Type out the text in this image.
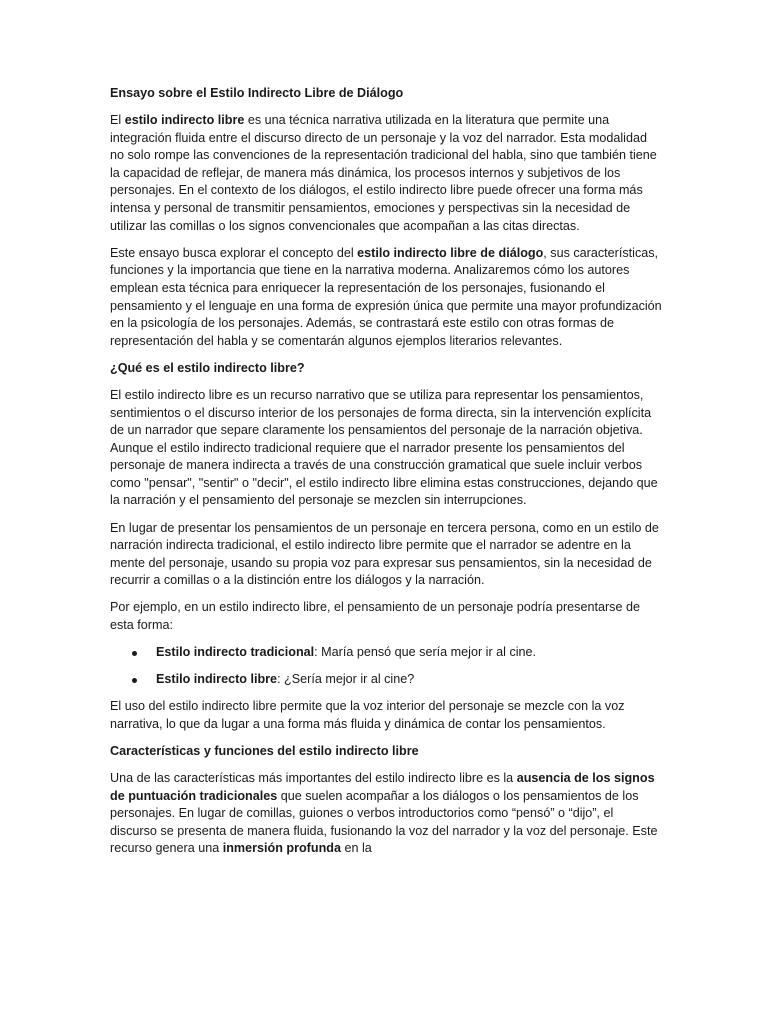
Ensayo sobre el Estilo Indirecto Libre de Diálogo

El estilo indirecto libre es una técnica narrativa utilizada en la literatura que permite una integración fluida entre el discurso directo de un personaje y la voz del narrador. Esta modalidad no solo rompe las convenciones de la representación tradicional del habla, sino que también tiene la capacidad de reflejar, de manera más dinámica, los procesos internos y subjetivos de los personajes. En el contexto de los diálogos, el estilo indirecto libre puede ofrecer una forma más intensa y personal de transmitir pensamientos, emociones y perspectivas sin la necesidad de utilizar las comillas o los signos convencionales que acompañan a las citas directas.

Este ensayo busca explorar el concepto del estilo indirecto libre de diálogo, sus características, funciones y la importancia que tiene en la narrativa moderna. Analizaremos cómo los autores emplean esta técnica para enriquecer la representación de los personajes, fusionando el pensamiento y el lenguaje en una forma de expresión única que permite una mayor profundización en la psicología de los personajes. Además, se contrastará este estilo con otras formas de representación del habla y se comentarán algunos ejemplos literarios relevantes.

¿Qué es el estilo indirecto libre?

El estilo indirecto libre es un recurso narrativo que se utiliza para representar los pensamientos, sentimientos o el discurso interior de los personajes de forma directa, sin la intervención explícita de un narrador que separe claramente los pensamientos del personaje de la narración objetiva. Aunque el estilo indirecto tradicional requiere que el narrador presente los pensamientos del personaje de manera indirecta a través de una construcción gramatical que suele incluir verbos como "pensar", "sentir" o "decir", el estilo indirecto libre elimina estas construcciones, dejando que la narración y el pensamiento del personaje se mezclen sin interrupciones.

En lugar de presentar los pensamientos de un personaje en tercera persona, como en un estilo de narración indirecta tradicional, el estilo indirecto libre permite que el narrador se adentre en la mente del personaje, usando su propia voz para expresar sus pensamientos, sin la necesidad de recurrir a comillas o a la distinción entre los diálogos y la narración.

Por ejemplo, en un estilo indirecto libre, el pensamiento de un personaje podría presentarse de esta forma:

Estilo indirecto tradicional: María pensó que sería mejor ir al cine.
Estilo indirecto libre: ¿Sería mejor ir al cine?

El uso del estilo indirecto libre permite que la voz interior del personaje se mezcle con la voz narrativa, lo que da lugar a una forma más fluida y dinámica de contar los pensamientos.

Características y funciones del estilo indirecto libre

Una de las características más importantes del estilo indirecto libre es la ausencia de los signos de puntuación tradicionales que suelen acompañar a los diálogos o los pensamientos de los personajes. En lugar de comillas, guiones o verbos introductorios como “pensó” o “dijo”, el discurso se presenta de manera fluida, fusionando la voz del narrador y la voz del personaje. Este recurso genera una inmersión profunda en la
